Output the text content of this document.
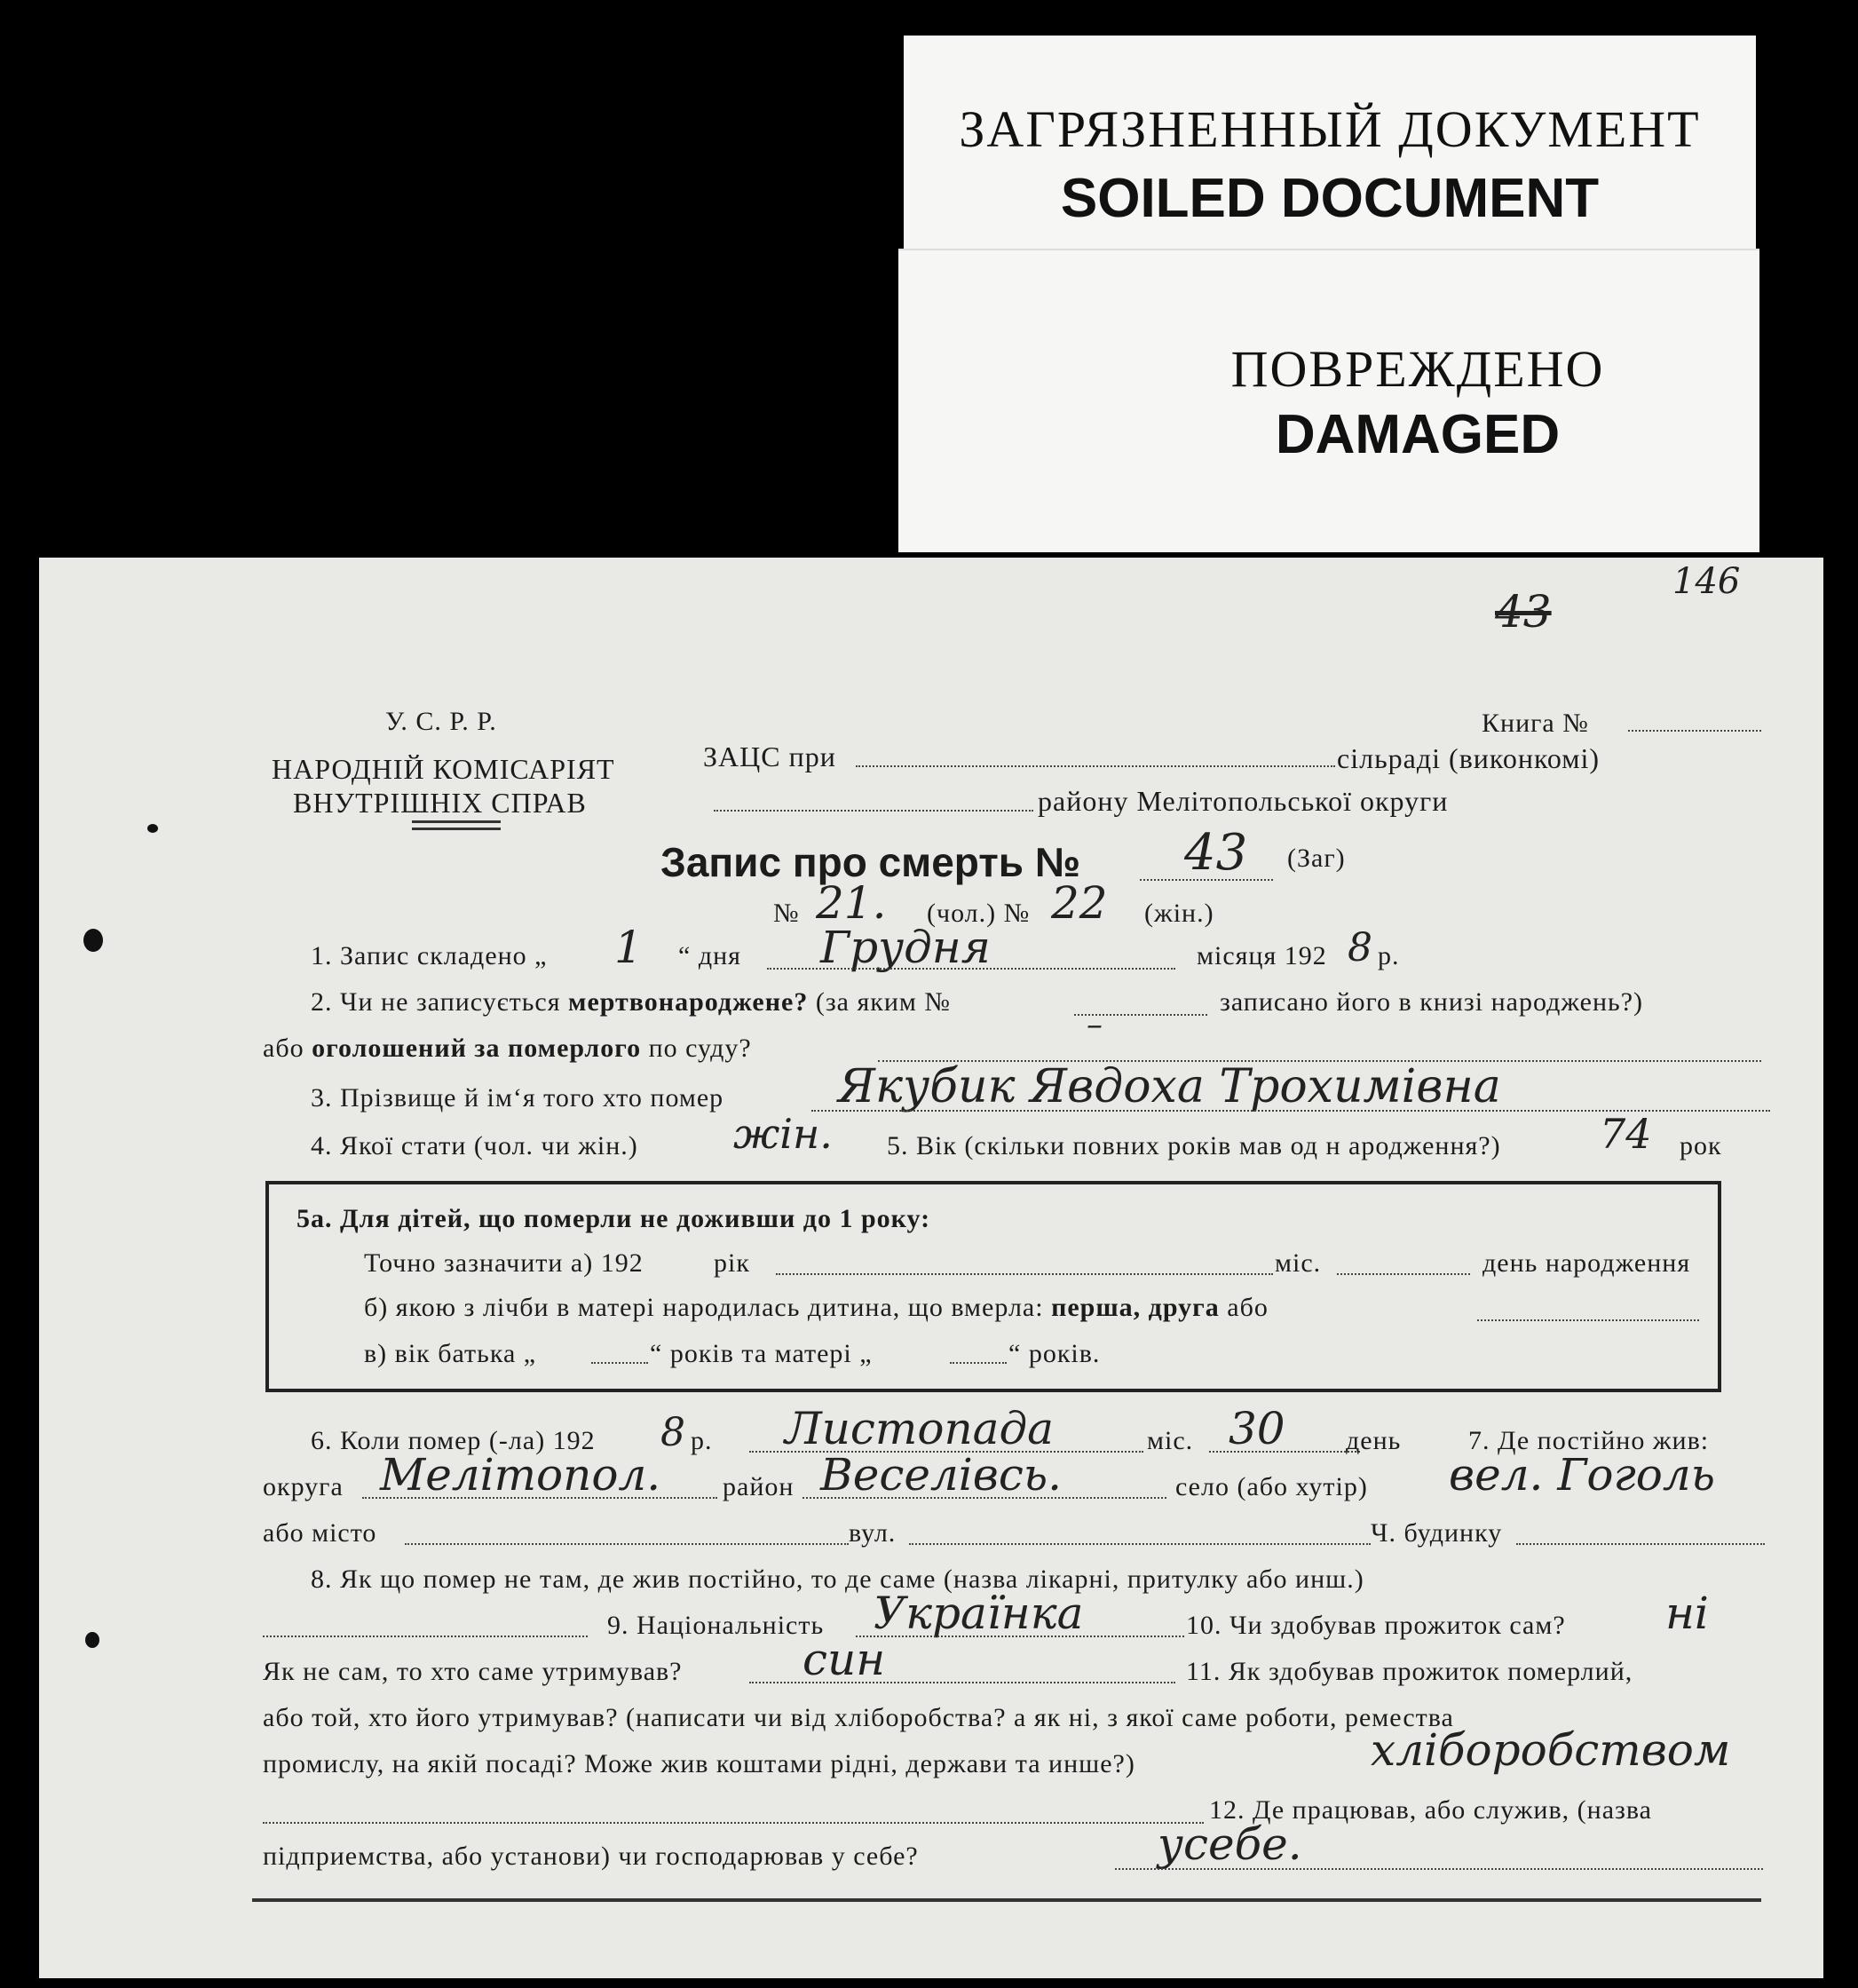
ЗАГРЯЗНЕННЫЙ ДОКУМЕНТ
SOILED DOCUMENT
ПОВРЕЖДЕНО
DAMAGED
146
43
У. С. Р. Р.
НАРОДНІЙ КОМІСАРІЯТ
ВНУТРІШНІХ СПРАВ
Книга №
ЗАЦС при	сільраді (виконкомі)
району Мелітопольської округи
Запис про смерть № 43 (Заг)
№ 21. (чол.) № 22 (жін.)
1. Запис складено „ 1 “ дня Грудня	місяця 192 8 р.
2. Чи не записується мертвонароджене? (за яким №	записано його в книзі народжень?)
або оголошений за померлого по суду?
–
3. Прізвище й ім‘я того хто помер Якубик Явдоха Трохимівна
4. Якої стати (чол. чи жін.) жін. 5. Вік (скільки повних років мав од н ародження?) 74 рок
5а. Для дітей, що померли не доживши до 1 року:
Точно зазначити а) 192	рік	міс.	день народження
б) якою з лічби в матері народилась дитина, що вмерла: перша, друга або
в) вік батька „	“ років та матері „	“ років.
6. Коли помер (-ла) 192 8 р. Листопада	міс. 30 день	7. Де постійно жив:
округа Мелітопол. район Веселівсь.	село (або хутір) вел. Гоголь
або місто	вул.	Ч. будинку
8. Як що помер не там, де жив постійно, то де саме (назва лікарні, притулку або инш.)
9. Національність Українка	10. Чи здобував прожиток сам? ні
Як не сам, то хто саме утримував?	син	11. Як здобував прожиток померлий,
або той, хто його утримував? (написати чи від хліборобства? а як ні, з якої саме роботи, ремества
промислу, на якій посаді? Може жив коштами рідні, держави та инше?)	хліборобством
12. Де працював, або служив, (назва
підприемства, або установи) чи господарював у себе?	усебе.
